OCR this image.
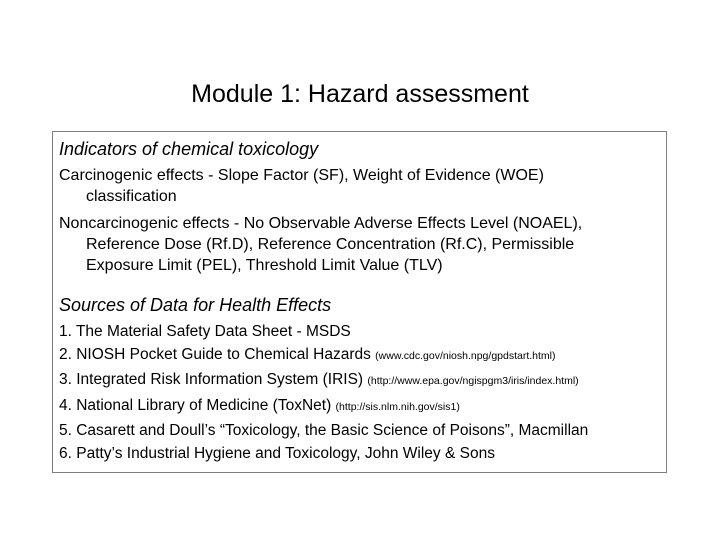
Module 1: Hazard assessment
Indicators of chemical toxicology
Carcinogenic effects - Slope Factor (SF), Weight of Evidence (WOE)
classification
Noncarcinogenic effects - No Observable Adverse Effects Level (NOAEL),
Reference Dose (Rf.D), Reference Concentration (Rf.C), Permissible
Exposure Limit (PEL), Threshold Limit Value (TLV)
Sources of Data for Health Effects
1. The Material Safety Data Sheet - MSDS
2. NIOSH Pocket Guide to Chemical Hazards (www.cdc.gov/niosh.npg/gpdstart.html)
3. Integrated Risk Information System (IRIS) (http://www.epa.gov/ngispgm3/iris/index.html)
4. National Library of Medicine (ToxNet) (http://sis.nlm.nih.gov/sis1)
5. Casarett and Doull’s “Toxicology, the Basic Science of Poisons”, Macmillan
6. Patty’s Industrial Hygiene and Toxicology, John Wiley & Sons
